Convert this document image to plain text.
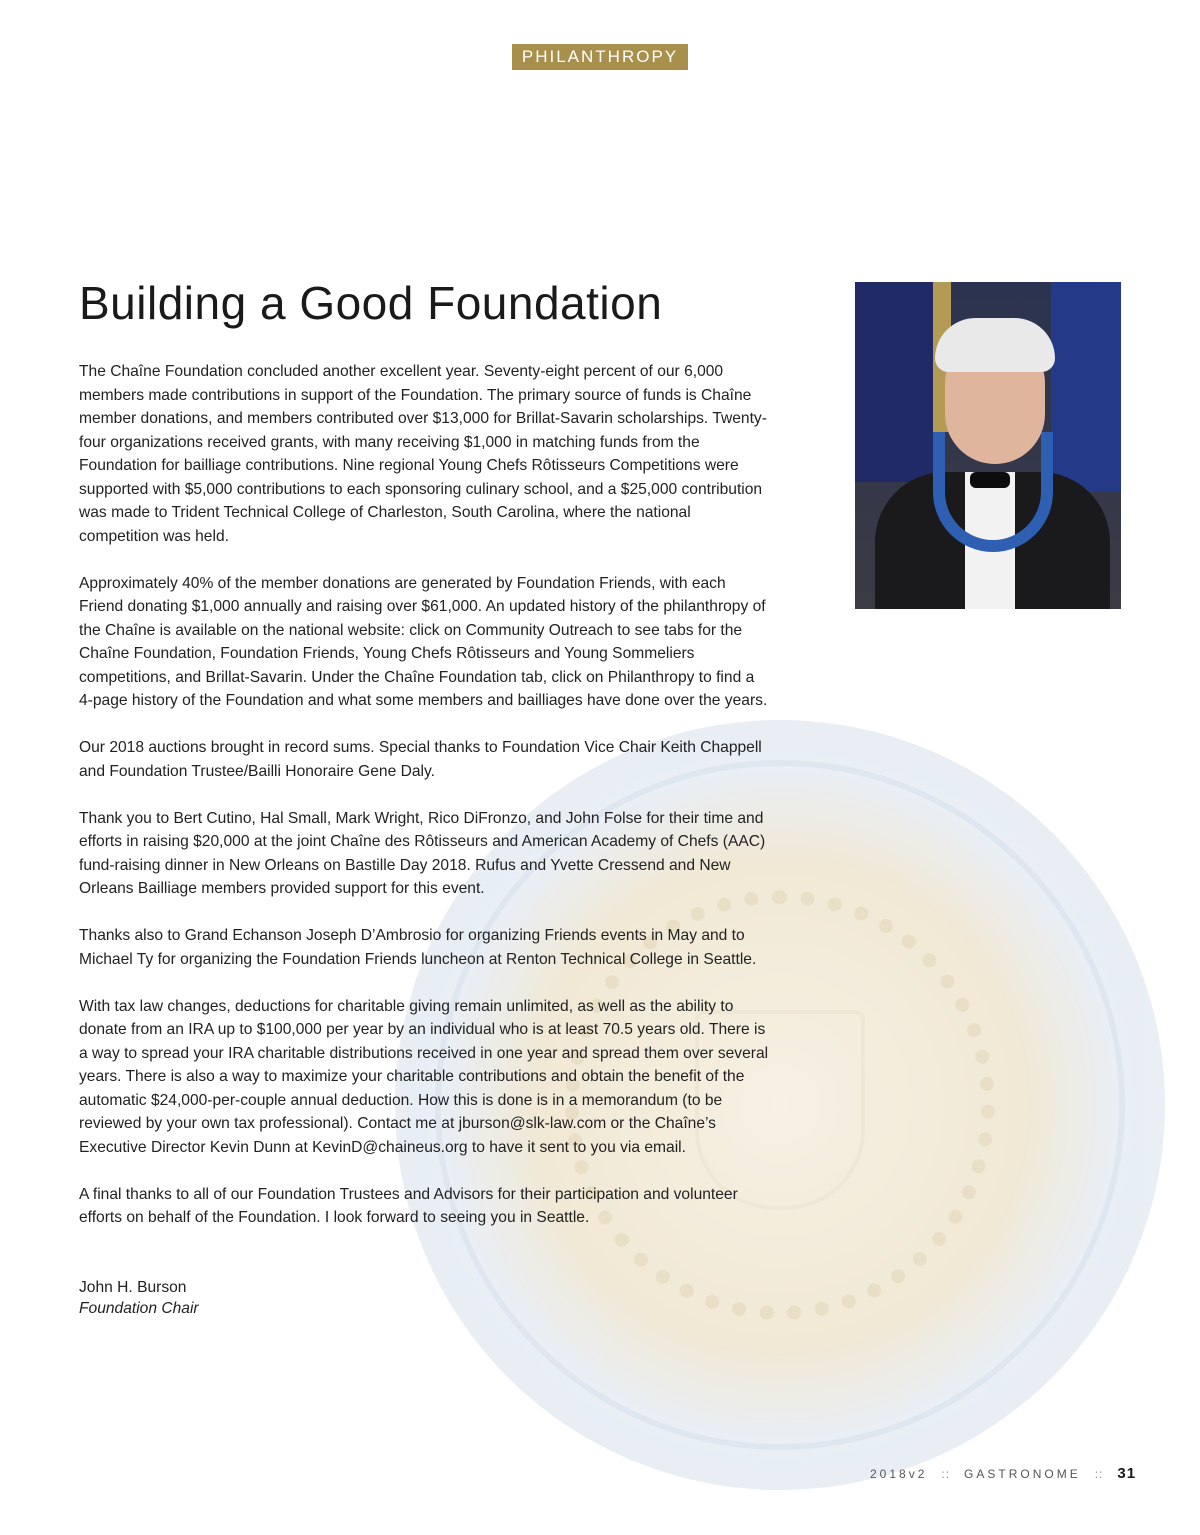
PHILANTHROPY
Building a Good Foundation

The Chaîne Foundation concluded another excellent year. Seventy-eight percent of our 6,000 members made contributions in support of the Foundation. The primary source of funds is Chaîne member donations, and members contributed over $13,000 for Brillat-Savarin scholarships. Twenty-four organizations received grants, with many receiving $1,000 in matching funds from the Foundation for bailliage contributions. Nine regional Young Chefs Rôtisseurs Competitions were supported with $5,000 contributions to each sponsoring culinary school, and a $25,000 contribution was made to Trident Technical College of Charleston, South Carolina, where the national competition was held.

Approximately 40% of the member donations are generated by Foundation Friends, with each Friend donating $1,000 annually and raising over $61,000. An updated history of the philanthropy of the Chaîne is available on the national website: click on Community Outreach to see tabs for the Chaîne Foundation, Foundation Friends, Young Chefs Rôtisseurs and Young Sommeliers competitions, and Brillat-Savarin. Under the Chaîne Foundation tab, click on Philanthropy to find a 4-page history of the Foundation and what some members and bailliages have done over the years.

Our 2018 auctions brought in record sums. Special thanks to Foundation Vice Chair Keith Chappell and Foundation Trustee/Bailli Honoraire Gene Daly.

Thank you to Bert Cutino, Hal Small, Mark Wright, Rico DiFronzo, and John Folse for their time and efforts in raising $20,000 at the joint Chaîne des Rôtisseurs and American Academy of Chefs (AAC) fund-raising dinner in New Orleans on Bastille Day 2018. Rufus and Yvette Cressend and New Orleans Bailliage members provided support for this event.

Thanks also to Grand Echanson Joseph D’Ambrosio for organizing Friends events in May and to Michael Ty for organizing the Foundation Friends luncheon at Renton Technical College in Seattle.

With tax law changes, deductions for charitable giving remain unlimited, as well as the ability to donate from an IRA up to $100,000 per year by an individual who is at least 70.5 years old. There is a way to spread your IRA charitable distributions received in one year and spread them over several years. There is also a way to maximize your charitable contributions and obtain the benefit of the automatic $24,000-per-couple annual deduction. How this is done is in a memorandum (to be reviewed by your own tax professional). Contact me at jburson@slk-law.com or the Chaîne’s Executive Director Kevin Dunn at KevinD@chaineus.org to have it sent to you via email.

A final thanks to all of our Foundation Trustees and Advisors for their participation and volunteer efforts on behalf of the Foundation. I look forward to seeing you in Seattle.

John H. Burson
Foundation Chair
2018v2 :: GASTRONOME :: 31
